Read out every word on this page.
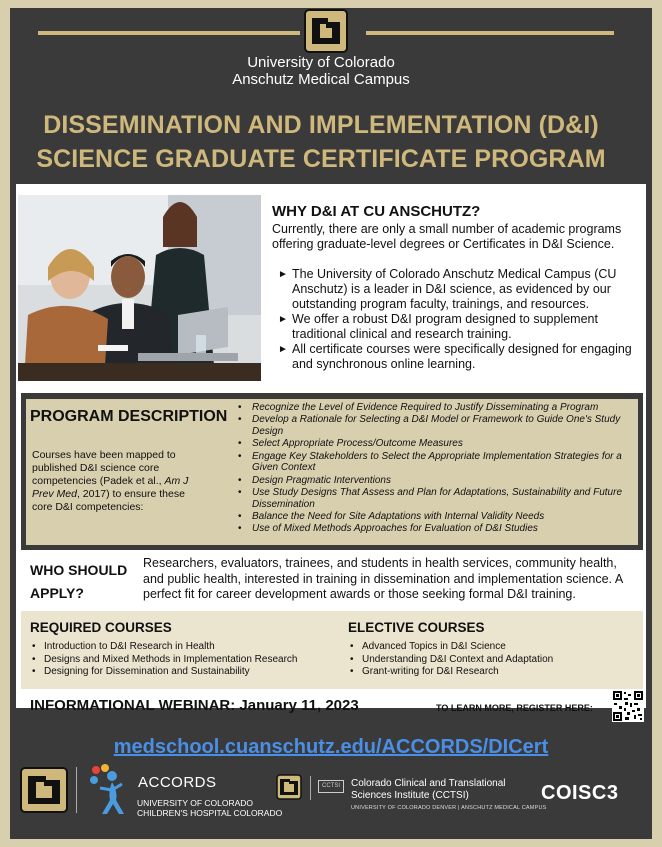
University of Colorado
Anschutz Medical Campus
DISSEMINATION AND IMPLEMENTATION (D&I)
SCIENCE GRADUATE CERTIFICATE PROGRAM
WHY D&I AT CU ANSCHUTZ?
Currently, there are only a small number of academic programs offering graduate-level degrees or Certificates in D&I Science.
► The University of Colorado Anschutz Medical Campus (CU Anschutz) is a leader in D&I science, as evidenced by our outstanding program faculty, trainings, and resources.
► We offer a robust D&I program designed to supplement traditional clinical and research training.
► All certificate courses were specifically designed for engaging and synchronous online learning.
PROGRAM DESCRIPTION
Courses have been mapped to published D&I science core competencies (Padek et al., Am J Prev Med, 2017) to ensure these core D&I competencies:
• Recognize the Level of Evidence Required to Justify Disseminating a Program
• Develop a Rationale for Selecting a D&I Model or Framework to Guide One's Study Design
• Select Appropriate Process/Outcome Measures
• Engage Key Stakeholders to Select the Appropriate Implementation Strategies for a Given Context
• Design Pragmatic Interventions
• Use Study Designs That Assess and Plan for Adaptations, Sustainability and Future Dissemination
• Balance the Need for Site Adaptations with Internal Validity Needs
• Use of Mixed Methods Approaches for Evaluation of D&I Studies
WHO SHOULD
APPLY?
Researchers, evaluators, trainees, and students in health services, community health, and public health, interested in training in dissemination and implementation science. A perfect fit for career development awards or those seeking formal D&I training.
REQUIRED COURSES	ELECTIVE COURSES
• Introduction to D&I Research in Health
• Designs and Mixed Methods in Implementation Research
• Designing for Dissemination and Sustainability
• Advanced Topics in D&I Science
• Understanding D&I Context and Adaptation
• Grant-writing for D&I Research
INFORMATIONAL WEBINAR: January 11, 2023	TO LEARN MORE, REGISTER HERE:
medschool.cuanschutz.edu/ACCORDS/DICert
ACCORDS
UNIVERSITY OF COLORADO
CHILDREN'S HOSPITAL COLORADO
CCTSI	Colorado Clinical and Translational
Sciences Institute (CCTSI)
UNIVERSITY OF COLORADO DENVER | ANSCHUTZ MEDICAL CAMPUS
COISC3
